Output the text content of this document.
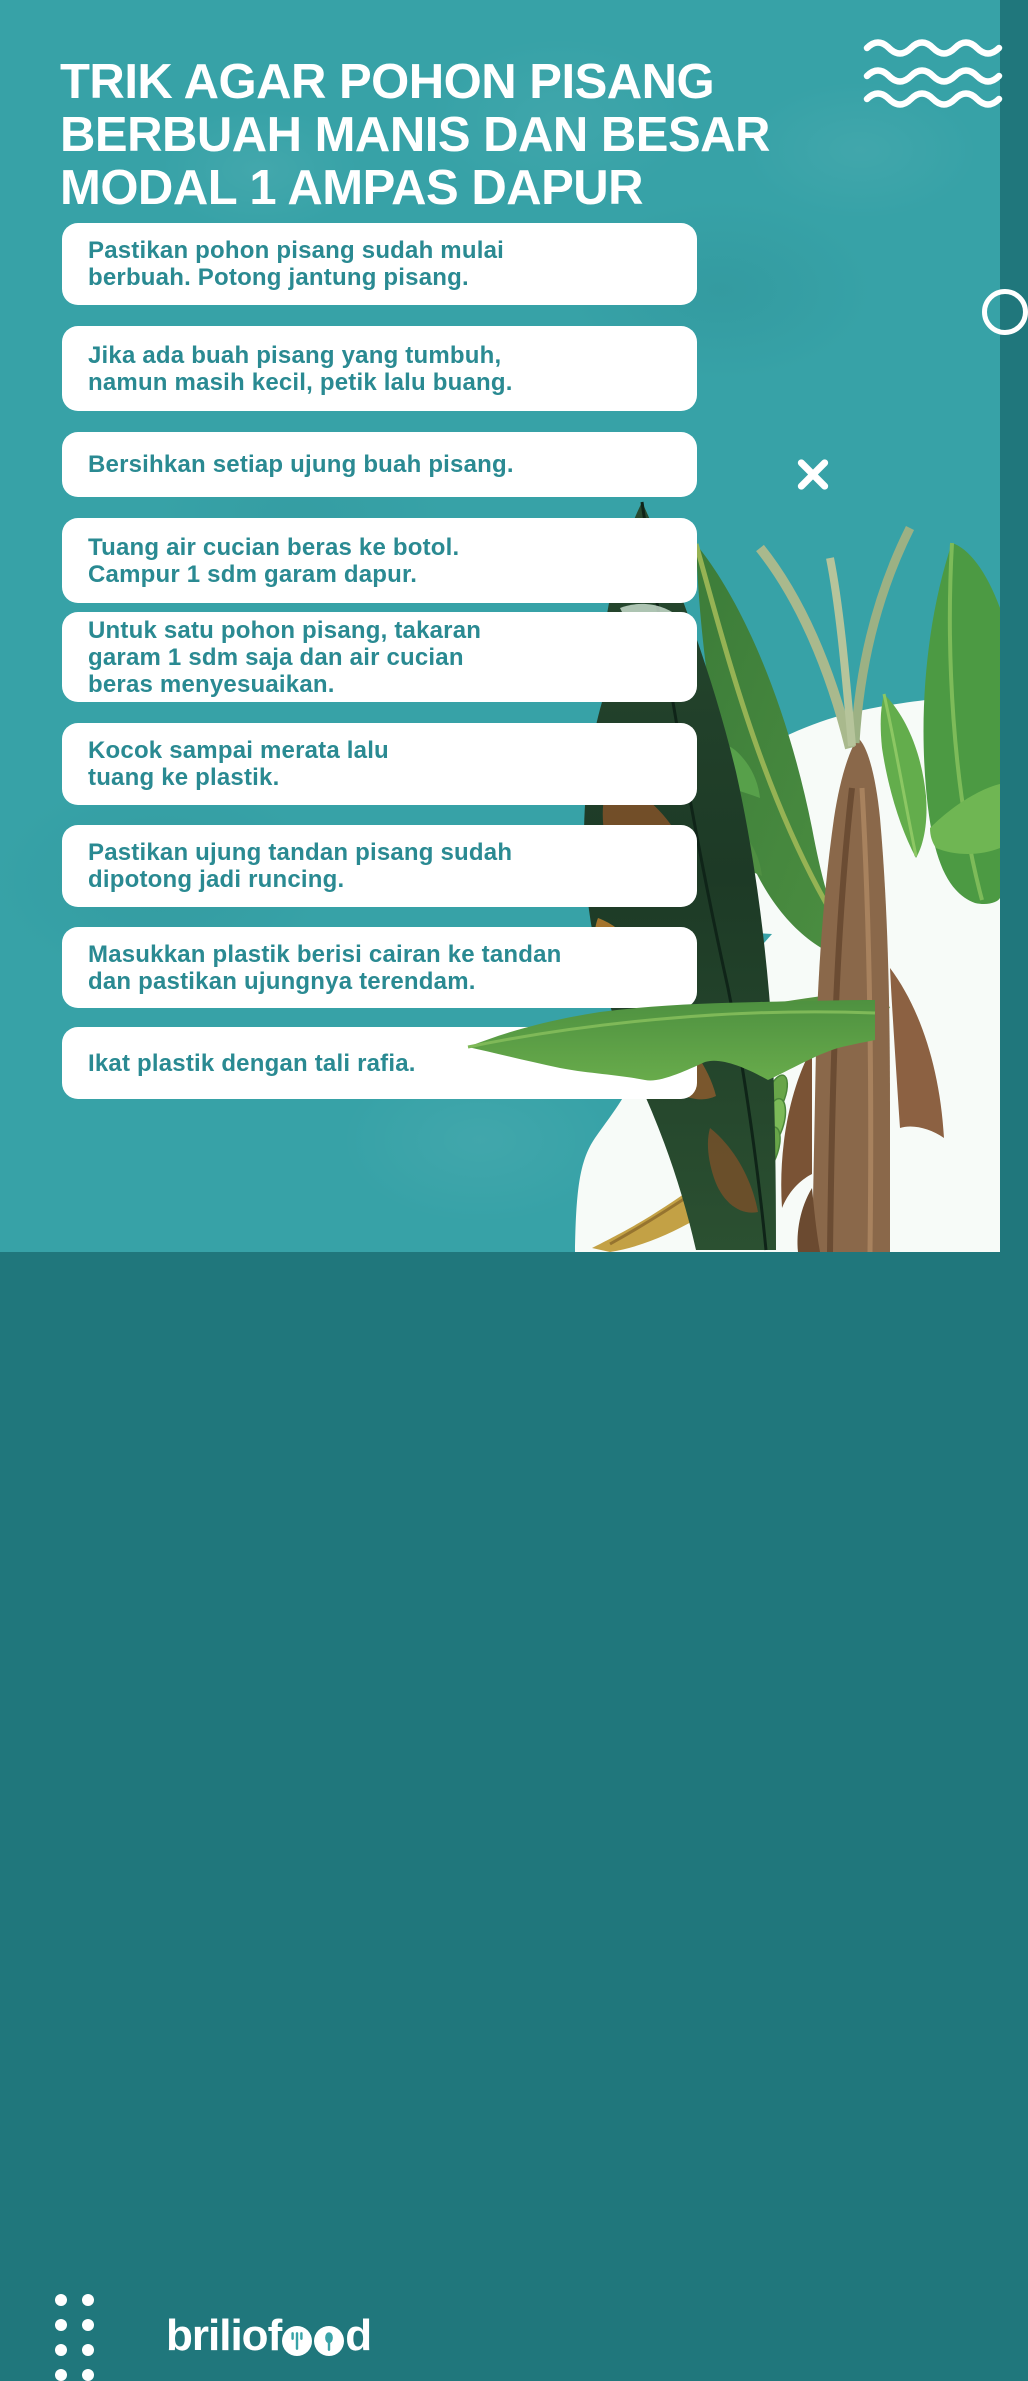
TRIK AGAR POHON PISANG
BERBUAH MANIS DAN BESAR
MODAL 1 AMPAS DAPUR

Pastikan pohon pisang sudah mulai
berbuah. Potong jantung pisang.

Jika ada buah pisang yang tumbuh,
namun masih kecil, petik lalu buang.

Bersihkan setiap ujung buah pisang.

Tuang air cucian beras ke botol.
Campur 1 sdm garam dapur.

Untuk satu pohon pisang, takaran
garam 1 sdm saja dan air cucian
beras menyesuaikan.

Kocok sampai merata lalu
tuang ke plastik.

Pastikan ujung tandan pisang sudah
dipotong jadi runcing.

Masukkan plastik berisi cairan ke tandan
dan pastikan ujungnya terendam.

Ikat plastik dengan tali rafia.

brilio f d
